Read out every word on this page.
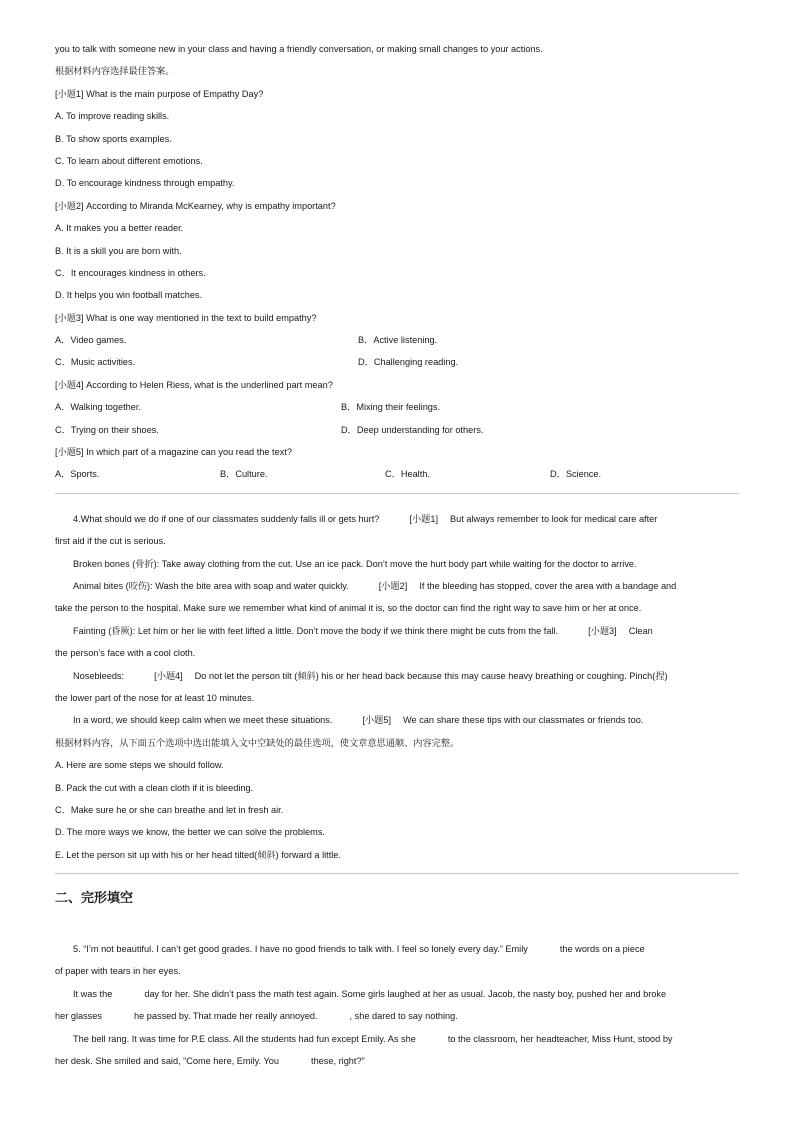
you to talk with someone new in your class and having a friendly conversation, or making small changes to your actions.
根据材料内容选择最佳答案。
[小题1] What is the main purpose of Empathy Day?
A. To improve reading skills.
B. To show sports examples.
C. To learn about different emotions.
D. To encourage kindness through empathy.
[小题2] According to Miranda McKearney, why is empathy important?
A. It makes you a better reader.
B. It is a skill you are born with.
C．It encourages kindness in others.
D. It helps you win football matches.
[小题3] What is one way mentioned in the text to build empathy?
A．Video games.	B．Active listening.
C．Music activities.	D．Challenging reading.
[小题4] According to Helen Riess, what is the underlined part mean?
A．Walking together.	B．Mixing their feelings.
C．Trying on their shoes.	D．Deep understanding for others.
[小题5] In which part of a magazine can you read the text?
A．Sports.	B．Culture.	C．Health.	D．Science.
4.What should we do if one of our classmates suddenly falls ill or gets hurt?	[小题1] But always remember to look for medical care after
first aid if the cut is serious.
Broken bones (骨折): Take away clothing from the cut. Use an ice pack. Don’t move the hurt body part while waiting for the doctor to arrive.
Animal bites (咬伤): Wash the bite area with soap and water quickly.	[小题2] If the bleeding has stopped, cover the area with a bandage and
take the person to the hospital. Make sure we remember what kind of animal it is, so the doctor can find the right way to save him or her at once.
Fainting (昏厥): Let him or her lie with feet lifted a little. Don’t move the body if we think there might be cuts from the fall.	[小题3] Clean
the person’s face with a cool cloth.
Nosebleeds:	[小题4] Do not let the person tilt (倾斜) his or her head back because this may cause heavy breathing or coughing. Pinch(捏)
the lower part of the nose for at least 10 minutes.
In a word, we should keep calm when we meet these situations.	[小题5] We can share these tips with our classmates or friends too.
根据材料内容，从下面五个选项中选出能填入文中空缺处的最佳选项，使文章意思通顺、内容完整。
A. Here are some steps we should follow.
B. Pack the cut with a clean cloth if it is bleeding.
C．Make sure he or she can breathe and let in fresh air.
D. The more ways we know, the better we can solve the problems.
E. Let the person sit up with his or her head tilted(倾斜) forward a little.
二、完形填空
5. “I’m not beautiful. I can’t get good grades. I have no good friends to talk with. I feel so lonely every day.” Emily	the words on a piece
of paper with tears in her eyes.
It was the	day for her. She didn’t pass the math test again. Some girls laughed at her as usual. Jacob, the nasty boy, pushed her and broke
her glasses	he passed by. That made her really annoyed.	, she dared to say nothing.
The bell rang. It was time for P.E class. All the students had fun except Emily. As she	to the classroom, her headteacher, Miss Hunt, stood by
her desk. She smiled and said, “Come here, Emily. You	these, right?”
